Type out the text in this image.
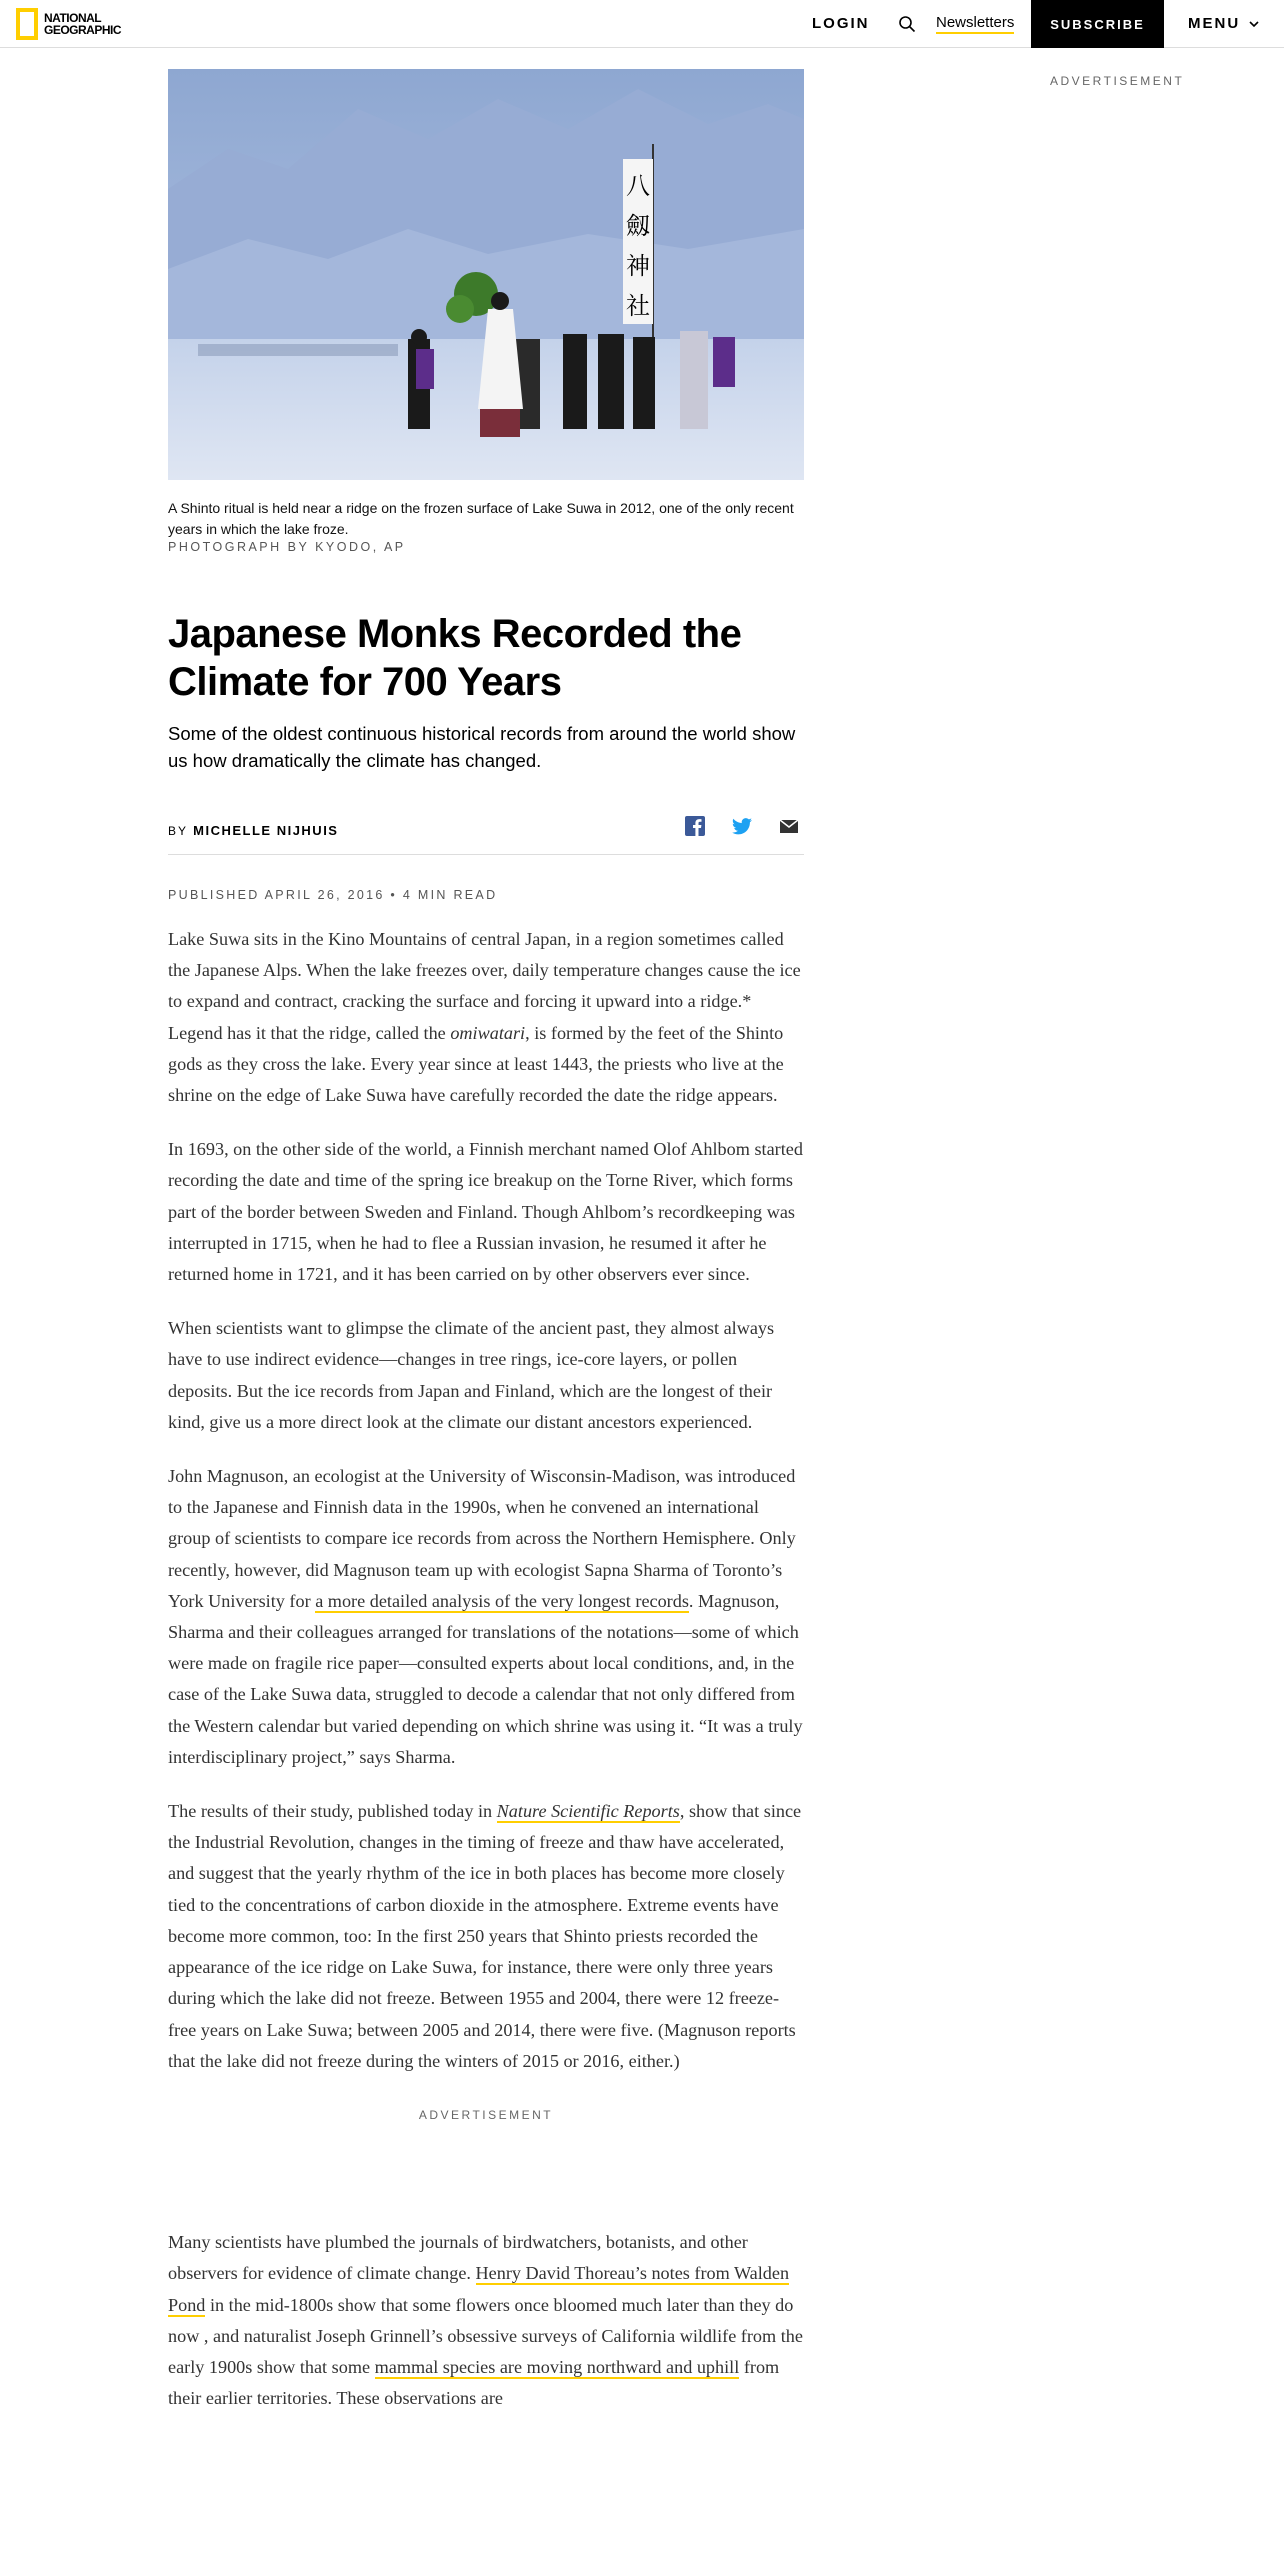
NATIONAL
GEOGRAPHIC	LOGIN	Newsletters	SUBSCRIBE	MENU
ADVERTISEMENT
八
劔
神
社
A Shinto ritual is held near a ridge on the frozen surface of Lake Suwa in 2012, one of the only recent years in which the lake froze.
PHOTOGRAPH BY KYODO, AP
Japanese Monks Recorded the Climate for 700 Years
Some of the oldest continuous historical records from around the world show us how dramatically the climate has changed.
BY MICHELLE NIJHUIS
PUBLISHED APRIL 26, 2016 • 4 MIN READ

Lake Suwa sits in the Kino Mountains of central Japan, in a region sometimes called the Japanese Alps. When the lake freezes over, daily temperature changes cause the ice to expand and contract, cracking the surface and forcing it upward into a ridge.* Legend has it that the ridge, called the omiwatari, is formed by the feet of the Shinto gods as they cross the lake. Every year since at least 1443, the priests who live at the shrine on the edge of Lake Suwa have carefully recorded the date the ridge appears.

In 1693, on the other side of the world, a Finnish merchant named Olof Ahlbom started recording the date and time of the spring ice breakup on the Torne River, which forms part of the border between Sweden and Finland. Though Ahlbom’s recordkeeping was interrupted in 1715, when he had to flee a Russian invasion, he resumed it after he returned home in 1721, and it has been carried on by other observers ever since.

When scientists want to glimpse the climate of the ancient past, they almost always have to use indirect evidence—changes in tree rings, ice-core layers, or pollen deposits. But the ice records from Japan and Finland, which are the longest of their kind, give us a more direct look at the climate our distant ancestors experienced.

John Magnuson, an ecologist at the University of Wisconsin-Madison, was introduced to the Japanese and Finnish data in the 1990s, when he convened an international group of scientists to compare ice records from across the Northern Hemisphere. Only recently, however, did Magnuson team up with ecologist Sapna Sharma of Toronto’s York University for a more detailed analysis of the very longest records. Magnuson, Sharma and their colleagues arranged for translations of the notations—some of which were made on fragile rice paper—consulted experts about local conditions, and, in the case of the Lake Suwa data, struggled to decode a calendar that not only differed from the Western calendar but varied depending on which shrine was using it. “It was a truly interdisciplinary project,” says Sharma.

The results of their study, published today in Nature Scientific Reports, show that since the Industrial Revolution, changes in the timing of freeze and thaw have accelerated, and suggest that the yearly rhythm of the ice in both places has become more closely tied to the concentrations of carbon dioxide in the atmosphere. Extreme events have become more common, too: In the first 250 years that Shinto priests recorded the appearance of the ice ridge on Lake Suwa, for instance, there were only three years during which the lake did not freeze. Between 1955 and 2004, there were 12 freeze-free years on Lake Suwa; between 2005 and 2014, there were five. (Magnuson reports that the lake did not freeze during the winters of 2015 or 2016, either.)

ADVERTISEMENT

Many scientists have plumbed the journals of birdwatchers, botanists, and other observers for evidence of climate change. Henry David Thoreau’s notes from Walden Pond in the mid-1800s show that some flowers once bloomed much later than they do now , and naturalist Joseph Grinnell’s obsessive surveys of California wildlife from the early 1900s show that some mammal species are moving northward and uphill from their earlier territories. These observations are
